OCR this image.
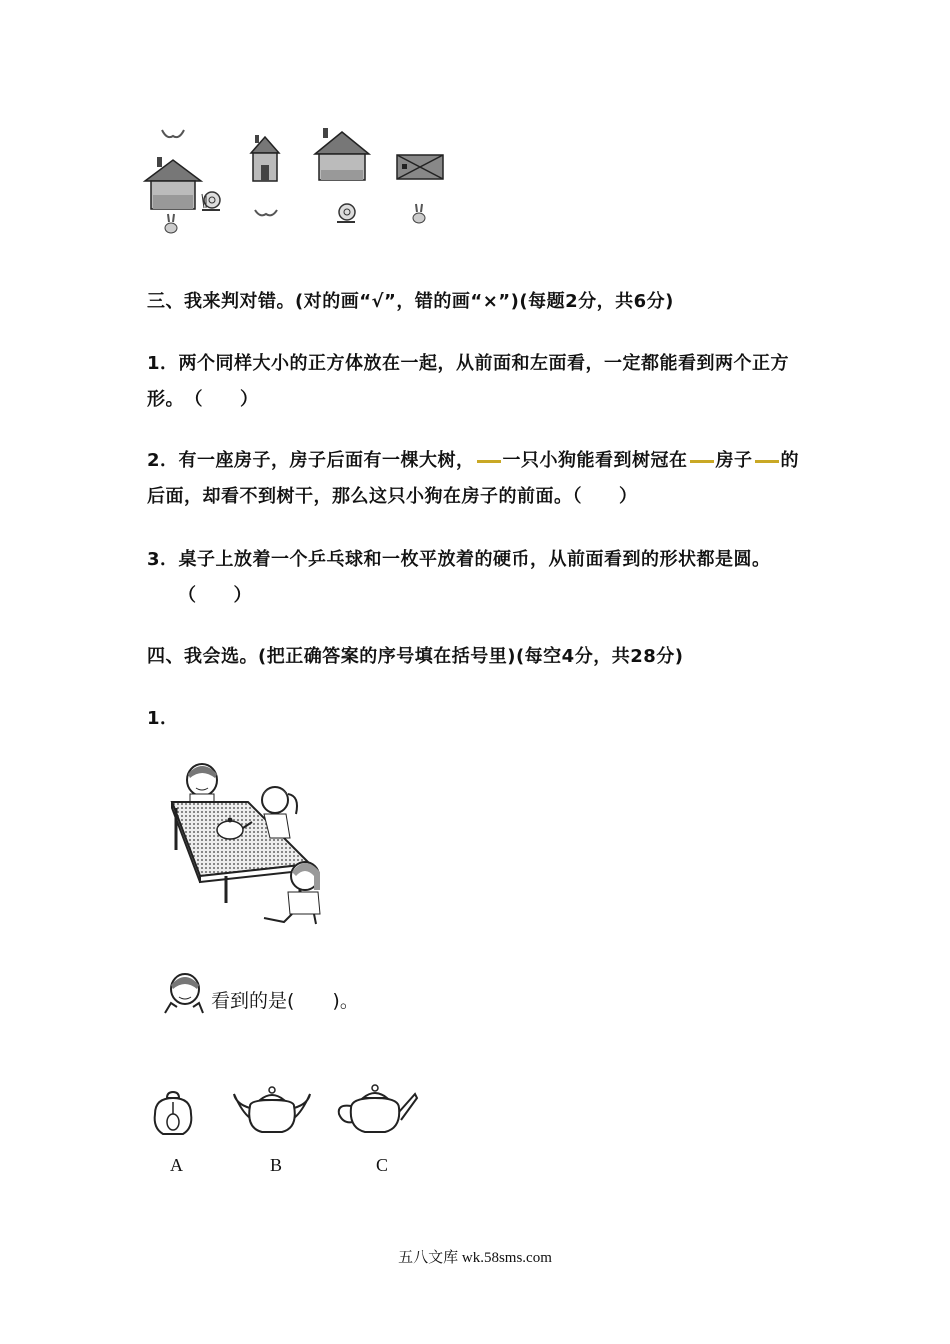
三、我来判对错。(对的画“√”，错的画“×”)(每题2分，共6分)
1．两个同样大小的正方体放在一起，从前面和左面看，一定都能看到两个正方
形。　（　　）
2．有一座房子，房子后面有一棵大树， 一只小狗能看到树冠在 房子 的
后面，却看不到树干，那么这只小狗在房子的前面。（　　）
3．桌子上放着一个乒乓球和一枚平放着的硬币，从前面看到的形状都是圆。
（　　）
四、我会选。(把正确答案的序号填在括号里)(每空4分，共28分)
1．
看到的是(　　)。
A	B	C
五八文库 wk.58sms.com
